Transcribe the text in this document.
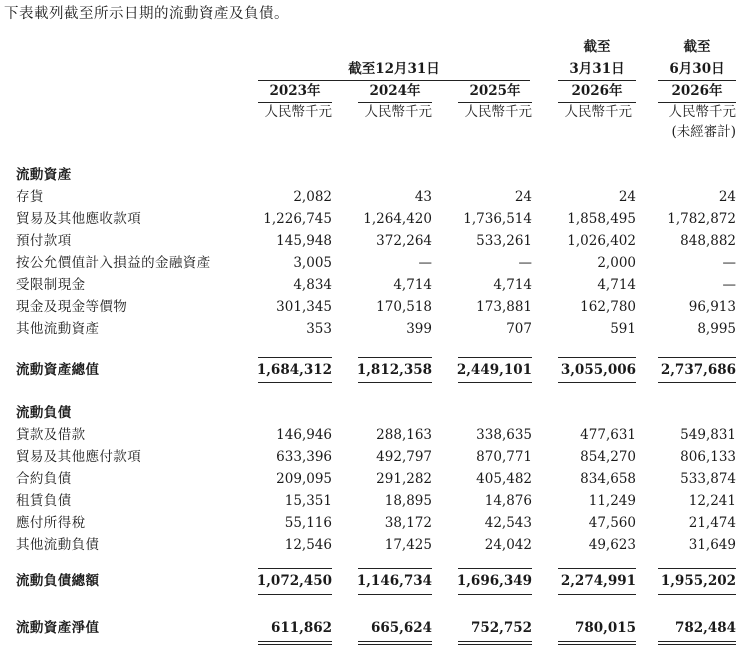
下表載列截至所示日期的流動資產及負債。
截至12月31日
截至
3月31日
截至
6月30日
2023年	2024年	2025年	2026年	2026年
人民幣千元	人民幣千元	人民幣千元	人民幣千元	人民幣千元
(未經審計)
流動資產
存貨	2,082	43	24	24	24
貿易及其他應收款項	1,226,745	1,264,420	1,736,514	1,858,495	1,782,872
預付款項	145,948	372,264	533,261	1,026,402	848,882
按公允價值計入損益的金融資產	3,005	—	—	2,000	—
受限制現金	4,834	4,714	4,714	4,714	—
現金及現金等價物	301,345	170,518	173,881	162,780	96,913
其他流動資產	353	399	707	591	8,995
流動資產總值	1,684,312	1,812,358	2,449,101	3,055,006	2,737,686
流動負債
貸款及借款	146,946	288,163	338,635	477,631	549,831
貿易及其他應付款項	633,396	492,797	870,771	854,270	806,133
合約負債	209,095	291,282	405,482	834,658	533,874
租賃負債	15,351	18,895	14,876	11,249	12,241
應付所得稅	55,116	38,172	42,543	47,560	21,474
其他流動負債	12,546	17,425	24,042	49,623	31,649
流動負債總額	1,072,450	1,146,734	1,696,349	2,274,991	1,955,202
流動資產淨值	611,862	665,624	752,752	780,015	782,484
